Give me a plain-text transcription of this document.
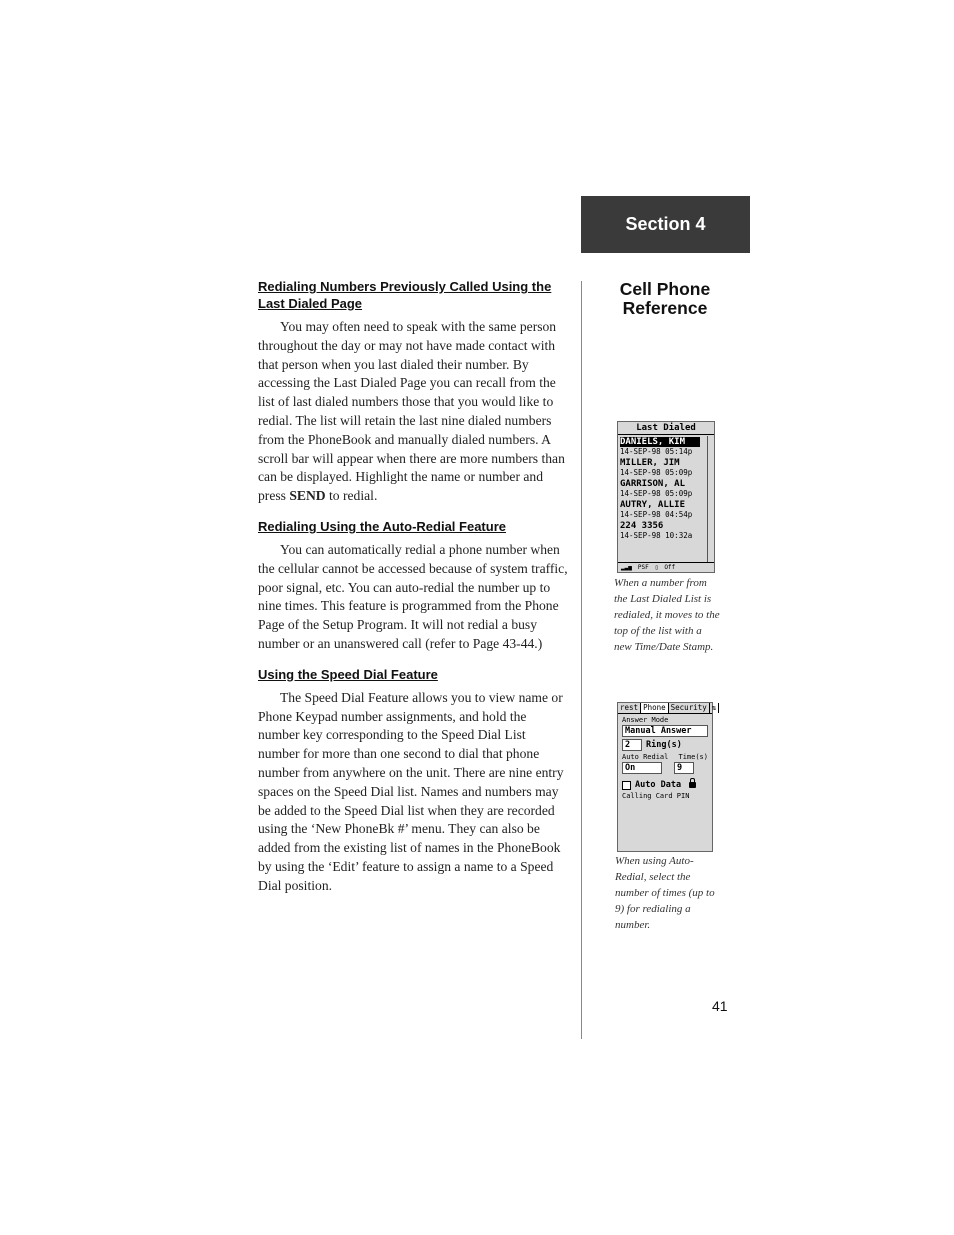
Section 4
Cell Phone
Reference

Redialing Numbers Previously Called Using the Last Dialed Page

You may often need to speak with the same person throughout the day or may not have made contact with that person when you last dialed their number. By accessing the Last Dialed Page you can recall from the list of last dialed numbers those that you would like to redial. The list will retain the last nine dialed numbers from the PhoneBook and manually dialed numbers. A scroll bar will appear when there are more numbers than can be displayed. Highlight the name or number and press SEND to redial.

Redialing Using the Auto-Redial Feature

You can automatically redial a phone number when the cellular cannot be accessed because of system traffic, poor signal, etc. You can auto-redial the number up to nine times. This feature is programmed from the Phone Page of the Setup Program. It will not redial a busy number or an unanswered call (refer to Page 43-44.)

Using the Speed Dial Feature

The Speed Dial Feature allows you to view name or Phone Keypad number assignments, and hold the number key corresponding to the Speed Dial List number for more than one second to dial that phone number from anywhere on the unit. There are nine entry spaces on the Speed Dial list. Names and numbers may be added to the Speed Dial list when they are recorded using the ‘New PhoneBk #’ menu. They can also be added from the existing list of names in the PhoneBook by using the ‘Edit’ feature to assign a name to a Speed Dial position.

Last Dialed
DANIELS, KIM
14-SEP-98 05:14p
MILLER, JIM
14-SEP-98 05:09p
GARRISON, AL
14-SEP-98 05:09p
AUTRY, ALLIE
14-SEP-98 04:54p
224 3356
14-SEP-98 10:32a
▂▃▅ PSF ▯ Off
When a number from the Last Dialed List is redialed, it moves to the top of the list with a new Time/Date Stamp.
rest Phone Security ⇅
Answer Mode
Manual Answer
2	Ring(s)
Auto Redial Time(s)
On	9
Auto Data
Calling Card PIN
When using Auto-Redial, select the number of times (up to 9) for redialing a number.
41
